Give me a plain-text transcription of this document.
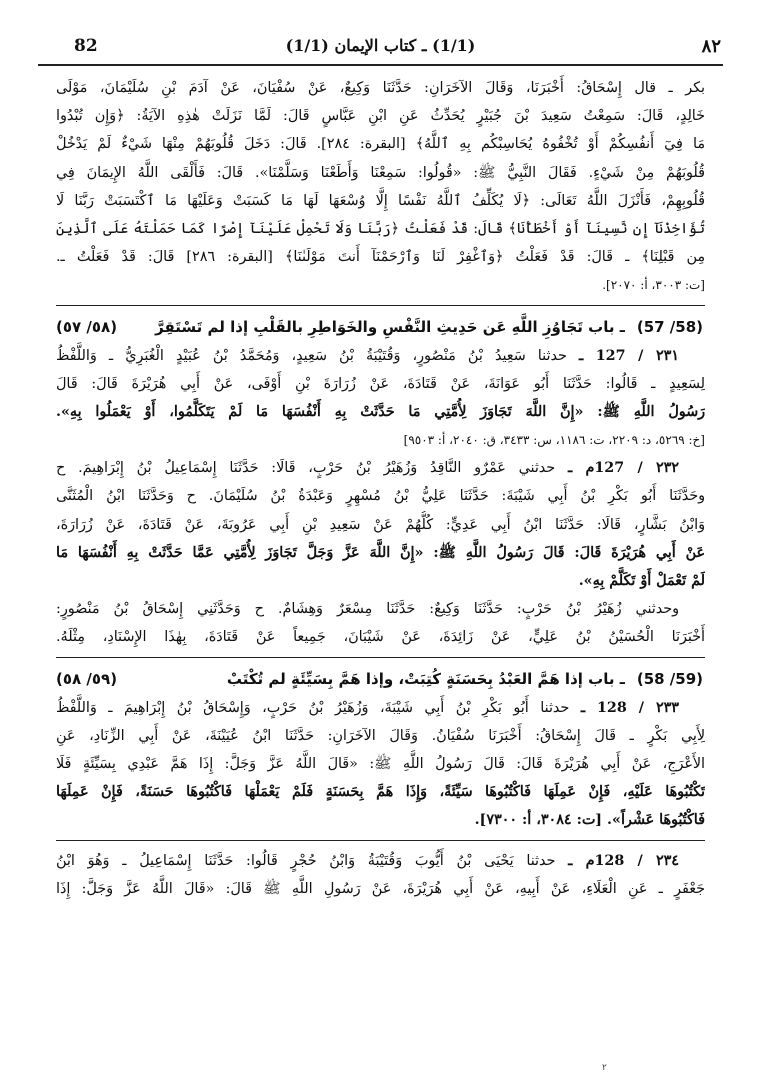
٨٢
(1/1) ـ كتاب الإيمان (1/1)
82
بكر ـ قال إِسْحَاقُ: أَخْبَرَنَا، وَقَالَ الآخَرَانِ: حَدَّثَنَا وَكِيعٌ، عَنْ سُفْيَانَ، عَنْ آدَمَ بْنِ سُلَيْمَانَ، مَوْلَى
خَالِدٍ، قَالَ: سَمِعْتُ سَعِيدَ بْنَ جُبَيْرٍ يُحَدِّثُ عَنِ ابْنِ عَبَّاسٍ قَالَ: لَمَّا نَزَلَتْ هٰذِهِ الآيَةُ: ﴿وَإِن تُبْدُوا
مَا فِيٓ أَنفُسِكُمْ أَوْ تُخْفُوهُ يُحَاسِبْكُم بِهِ ٱللَّهُ﴾ [البقرة: ٢٨٤]. قَالَ: دَخَلَ قُلُوبَهُمْ مِنْهَا شَيْءٌ لَمْ يَدْخُلْ
قُلُوبَهُمْ مِنْ شَيْءٍ. فَقَالَ النَّبِيُّ ﷺ: «قُولُوا: سَمِعْنَا وَأَطَعْنَا وَسَلَّمْنَا». قَالَ: فَأَلْقَى اللَّهُ الإِيمَانَ فِي
قُلُوبِهِمْ، فَأَنْزَلَ اللَّهُ تَعَالَى: ﴿لَا يُكَلِّفُ ٱللَّهُ نَفْسًا إِلَّا وُسْعَهَا لَهَا مَا كَسَبَتْ وَعَلَيْهَا مَا ٱكْتَسَبَتْ رَبَّنَا لَا
تُؤَاخِذْنَآ إِن نَّسِينَآ أَوْ أَخْطَأْنَا﴾ قَالَ: قَدْ فَعَلْتُ ﴿رَبَّنَا وَلَا تَحْمِلْ عَلَيْنَآ إِصْرًا كَمَا حَمَلْتَهُ عَلَى ٱلَّذِينَ
مِن قَبْلِنَا﴾ ـ قَالَ: قَدْ فَعَلْتُ ﴿وَٱغْفِرْ لَنَا وَٱرْحَمْنَآ أَنتَ مَوْلَىٰنَا﴾ [البقرة: ٢٨٦] قَالَ: قَدْ فَعَلْتُ ـ.
[ت: ٣٠٠٣، أ: ٢٠٧٠].
(58/ 57)ـ باب تَجَاوُزِ اللَّهِ عَن حَدِيثِ النَّفْسِ والخَوَاطِرِ بالقَلْبِ إذا لم تَسْتَقِرَّ
(٥٨/ ٥٧)
٢٣١ / 127 ـ حدثنا سَعِيدُ بْنُ مَنْصُورٍ، وَقُتَيْبَةُ بْنُ سَعِيدٍ، وَمُحَمَّدُ بْنُ عُبَيْدٍ الْغُبَرِيُّ ـ وَاللَّفْظُ
لِسَعِيدٍ ـ قَالُوا: حَدَّثَنَا أَبُو عَوَانَةَ، عَنْ قَتَادَةَ، عَنْ زُرَارَةَ بْنِ أَوْفَى، عَنْ أَبِي هُرَيْرَةَ قَالَ: قَالَ
رَسُولُ اللَّهِ ﷺ: «إِنَّ اللَّهَ تَجَاوَزَ لِأُمَّتِي مَا حَدَّثَتْ بِهِ أَنْفُسَهَا مَا لَمْ يَتَكَلَّمُوا، أَوْ يَعْمَلُوا بِهِ».
[خ: ٥٢٦٩، د: ٢٢٠٩، ت: ١١٨٦، س: ٣٤٣٣، ق: ٢٠٤٠، أ: ٩٥٠٣]
٢٣٢ / 127م ـ حدثني عَمْرٌو النَّاقِدُ وَزُهَيْرُ بْنُ حَرْبٍ، قَالَا: حَدَّثَنَا إِسْمَاعِيلُ بْنُ إِبْرَاهِيمَ. ح
وحَدَّثَنَا أَبُو بَكْرِ بْنُ أَبِي شَيْبَةَ: حَدَّثَنَا عَلِيُّ بْنُ مُسْهِرٍ وَعَبْدَةُ بْنُ سُلَيْمَانَ. ح وَحَدَّثَنَا ابْنُ الْمُثَنَّى
وَابْنُ بَشَّارٍ، قَالَا: حَدَّثَنَا ابْنُ أَبِي عَدِيٍّ: كُلُّهُمْ عَنْ سَعِيدِ بْنِ أَبِي عَرُوبَةَ، عَنْ قَتَادَةَ، عَنْ زُرَارَةَ،
عَنْ أَبِي هُرَيْرَةَ قَالَ: قَالَ رَسُولُ اللَّهِ ﷺ: «إِنَّ اللَّهَ عَزَّ وَجَلَّ تَجَاوَزَ لِأُمَّتِي عَمَّا حَدَّثَتْ بِهِ أَنْفُسَهَا مَا
لَمْ تَعْمَلْ أَوْ تَكَلَّمْ بِهِ».
وحدثني زُهَيْرُ بْنُ حَرْبٍ: حَدَّثَنَا وَكِيعٌ: حَدَّثَنَا مِسْعَرٌ وَهِشَامٌ. ح وَحَدَّثَنِي إِسْحَاقُ بْنُ مَنْصُورٍ:
أَخْبَرَنَا الْحُسَيْنُ بْنُ عَلِيٍّ، عَنْ زَائِدَةَ، عَنْ شَيْبَانَ، جَمِيعاً عَنْ قَتَادَةَ، بِهٰذَا الإِسْنَادِ، مِثْلَهُ.
(59/ 58)ـ باب إذا هَمَّ العَبْدُ بِحَسَنَةٍ كُتِبَتْ، وإذا هَمَّ بِسَيِّئَةٍ لم تُكْتَبْ
(٥٩/ ٥٨)
٢٣٣ / 128 ـ حدثنا أَبُو بَكْرِ بْنُ أَبِي شَيْبَةَ، وَزُهَيْرُ بْنُ حَرْبٍ، وَإِسْحَاقُ بْنُ إِبْرَاهِيمَ ـ وَاللَّفْظُ
لِأَبِي بَكْرٍ ـ قَالَ إِسْحَاقُ: أَخْبَرَنَا سُفْيَانُ. وَقَالَ الآخَرَانِ: حَدَّثَنَا ابْنُ عُيَيْنَةَ، عَنْ أَبِي الزِّنَادِ، عَنِ
الأَعْرَجِ، عَنْ أَبِي هُرَيْرَةَ قَالَ: قَالَ رَسُولُ اللَّهِ ﷺ: «قَالَ اللَّهُ عَزَّ وَجَلَّ: إِذَا هَمَّ عَبْدِي بِسَيِّئَةٍ فَلَا
تَكْتُبُوهَا عَلَيْهِ، فَإِنْ عَمِلَهَا فَاكْتُبُوهَا سَيِّئَةً، وَإِذَا هَمَّ بِحَسَنَةٍ فَلَمْ يَعْمَلْهَا فَاكْتُبُوهَا حَسَنَةً، فَإِنْ عَمِلَهَا
فَاكْتُبُوهَا عَشْراً». [ت: ٣٠٨٤، أ: ٧٣٠٠].
٢٣٤ / 128م ـ حدثنا يَحْيَى بْنُ أَيُّوبَ وَقُتَيْبَةُ وَابْنُ حُجْرٍ قَالُوا: حَدَّثَنَا إِسْمَاعِيلُ ـ وَهُوَ ابْنُ
جَعْفَرٍ ـ عَنِ الْعَلَاءِ، عَنْ أَبِيهِ، عَنْ أَبِي هُرَيْرَةَ، عَنْ رَسُولِ اللَّهِ ﷺ قَالَ: «قَالَ اللَّهُ عَزَّ وَجَلَّ: إِذَا
٢
